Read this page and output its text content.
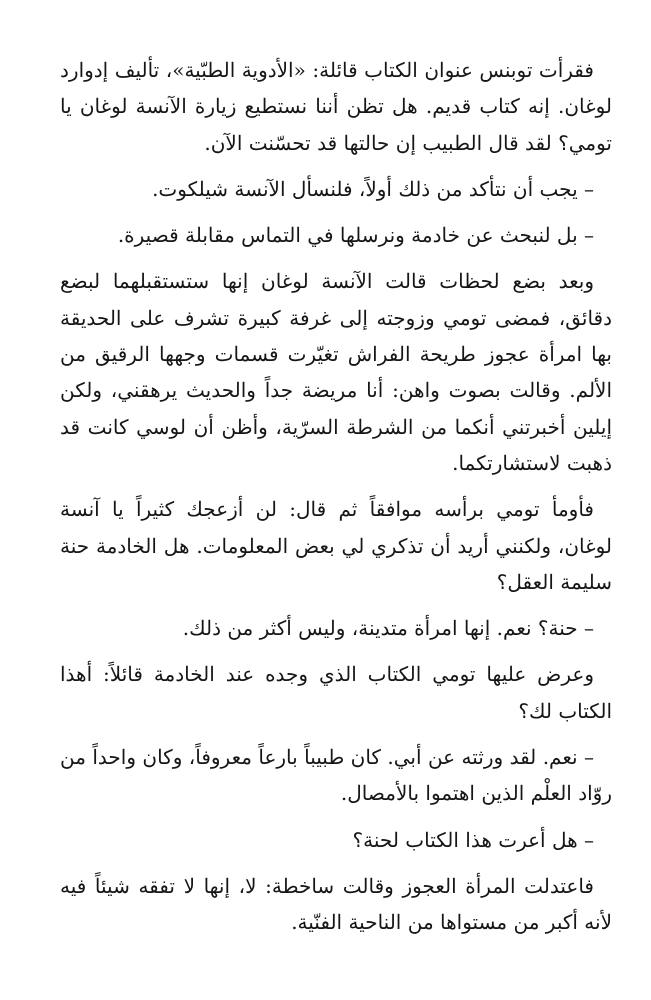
فقرأت توبنس عنوان الكتاب قائلة: «الأدوية الطبّية»، تأليف إدوارد لوغان. إنه كتاب قديم. هل تظن أننا نستطيع زيارة الآنسة لوغان يا تومي؟ لقد قال الطبيب إن حالتها قد تحسّنت الآن.

– يجب أن نتأكد من ذلك أولاً، فلنسأل الآنسة شيلكوت.

– بل لنبحث عن خادمة ونرسلها في التماس مقابلة قصيرة.

وبعد بضع لحظات قالت الآنسة لوغان إنها ستستقبلهما لبضع دقائق، فمضى تومي وزوجته إلى غرفة كبيرة تشرف على الحديقة بها امرأة عجوز طريحة الفراش تغيّرت قسمات وجهها الرقيق من الألم. وقالت بصوت واهن: أنا مريضة جداً والحديث يرهقني، ولكن إيلين أخبرتني أنكما من الشرطة السرّية، وأظن أن لوسي كانت قد ذهبت لاستشارتكما.

فأومأ تومي برأسه موافقاً ثم قال: لن أزعجك كثيراً يا آنسة لوغان، ولكنني أريد أن تذكري لي بعض المعلومات. هل الخادمة حنة سليمة العقل؟

– حنة؟ نعم. إنها امرأة متدينة، وليس أكثر من ذلك.

وعرض عليها تومي الكتاب الذي وجده عند الخادمة قائلاً: أهذا الكتاب لك؟

– نعم. لقد ورثته عن أبي. كان طبيباً بارعاً معروفاً، وكان واحداً من روّاد العلْم الذين اهتموا بالأمصال.

– هل أعرت هذا الكتاب لحنة؟

فاعتدلت المرأة العجوز وقالت ساخطة: لا، إنها لا تفقه شيئاً فيه لأنه أكبر من مستواها من الناحية الفنّية.
